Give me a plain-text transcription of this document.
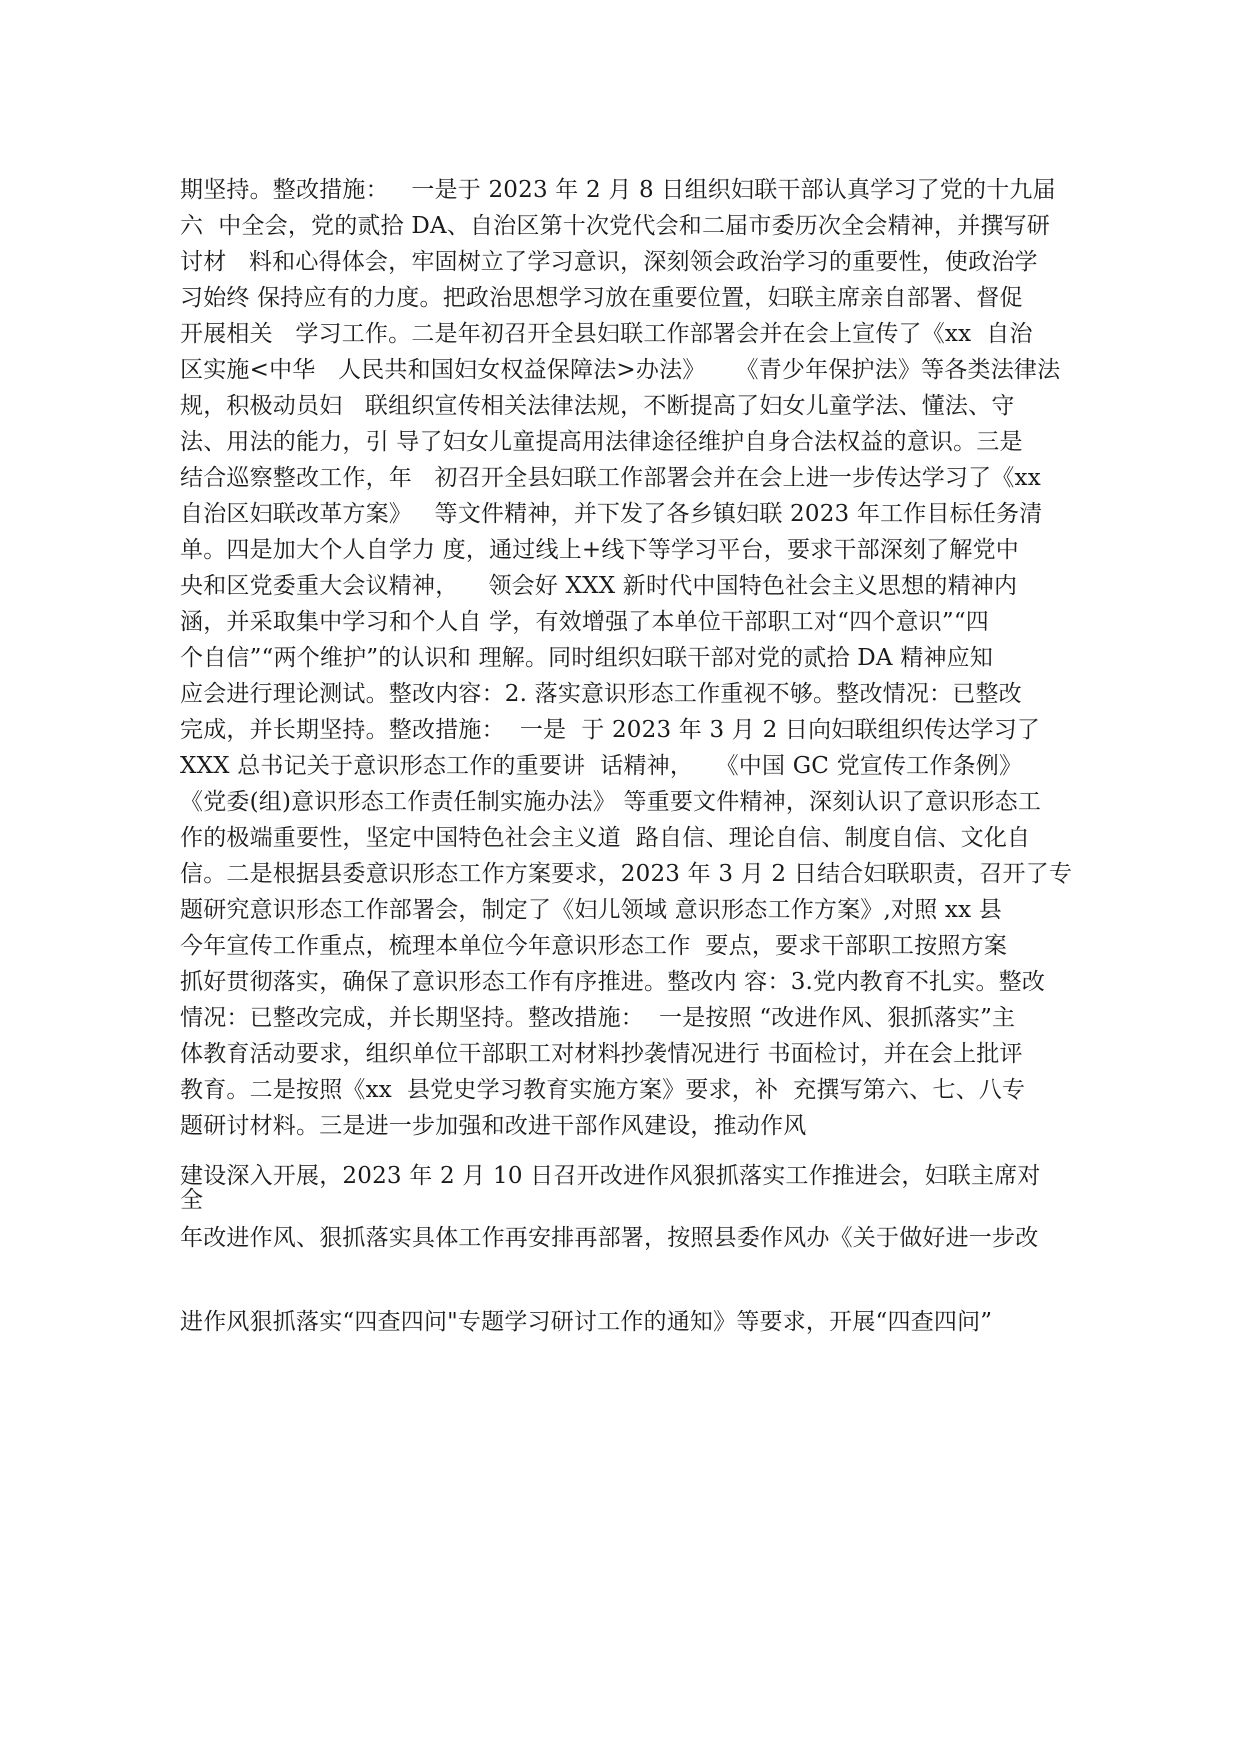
期坚持。整改措施：   一是于 2023 年 2 月 8 日组织妇联干部认真学习了党的十九届
六  中全会，党的贰拾 DA、自治区第十次党代会和二届市委历次全会精神，并撰写研
讨材   料和心得体会，牢固树立了学习意识，深刻领会政治学习的重要性，使政治学
习始终 保持应有的力度。把政治思想学习放在重要位置，妇联主席亲自部署、督促
开展相关   学习工作。二是年初召开全县妇联工作部署会并在会上宣传了《xx  自治
区实施<中华   人民共和国妇女权益保障法>办法》    《青少年保护法》等各类法律法
规，积极动员妇   联组织宣传相关法律法规，不断提高了妇女儿童学法、懂法、守
法、用法的能力，引 导了妇女儿童提高用法律途径维护自身合法权益的意识。三是
结合巡察整改工作，年   初召开全县妇联工作部署会并在会上进一步传达学习了《xx
自治区妇联改革方案》   等文件精神，并下发了各乡镇妇联 2023 年工作目标任务清
单。四是加大个人自学力 度，通过线上+线下等学习平台，要求干部深刻了解党中
央和区党委重大会议精神，    领会好 XXX 新时代中国特色社会主义思想的精神内
涵，并采取集中学习和个人自 学，有效增强了本单位干部职工对“四个意识”“四
个自信”“两个维护”的认识和 理解。同时组织妇联干部对党的贰拾 DA 精神应知
应会进行理论测试。整改内容：2. 落实意识形态工作重视不够。整改情况：已整改
完成，并长期坚持。整改措施：  一是  于 2023 年 3 月 2 日向妇联组织传达学习了
XXX 总书记关于意识形态工作的重要讲  话精神，   《中国 GC 党宣传工作条例》
《党委(组)意识形态工作责任制实施办法》 等重要文件精神，深刻认识了意识形态工
作的极端重要性，坚定中国特色社会主义道  路自信、理论自信、制度自信、文化自
信。二是根据县委意识形态工作方案要求，2023 年 3 月 2 日结合妇联职责，召开了专
题研究意识形态工作部署会，制定了《妇儿领域 意识形态工作方案》,对照 xx 县
今年宣传工作重点，梳理本单位今年意识形态工作  要点，要求干部职工按照方案
抓好贯彻落实，确保了意识形态工作有序推进。整改内 容：3.党内教育不扎实。整改
情况：已整改完成，并长期坚持。整改措施：  一是按照 “改进作风、狠抓落实”主
体教育活动要求，组织单位干部职工对材料抄袭情况进行 书面检讨，并在会上批评
教育。二是按照《xx  县党史学习教育实施方案》要求，补  充撰写第六、七、八专
题研讨材料。三是进一步加强和改进干部作风建设，推动作风
建设深入开展，2023 年 2 月 10 日召开改进作风狠抓落实工作推进会，妇联主席对
全
年改进作风、狠抓落实具体工作再安排再部署，按照县委作风办《关于做好进一步改
进作风狠抓落实“四查四问"专题学习研讨工作的通知》等要求，开展“四查四问”
